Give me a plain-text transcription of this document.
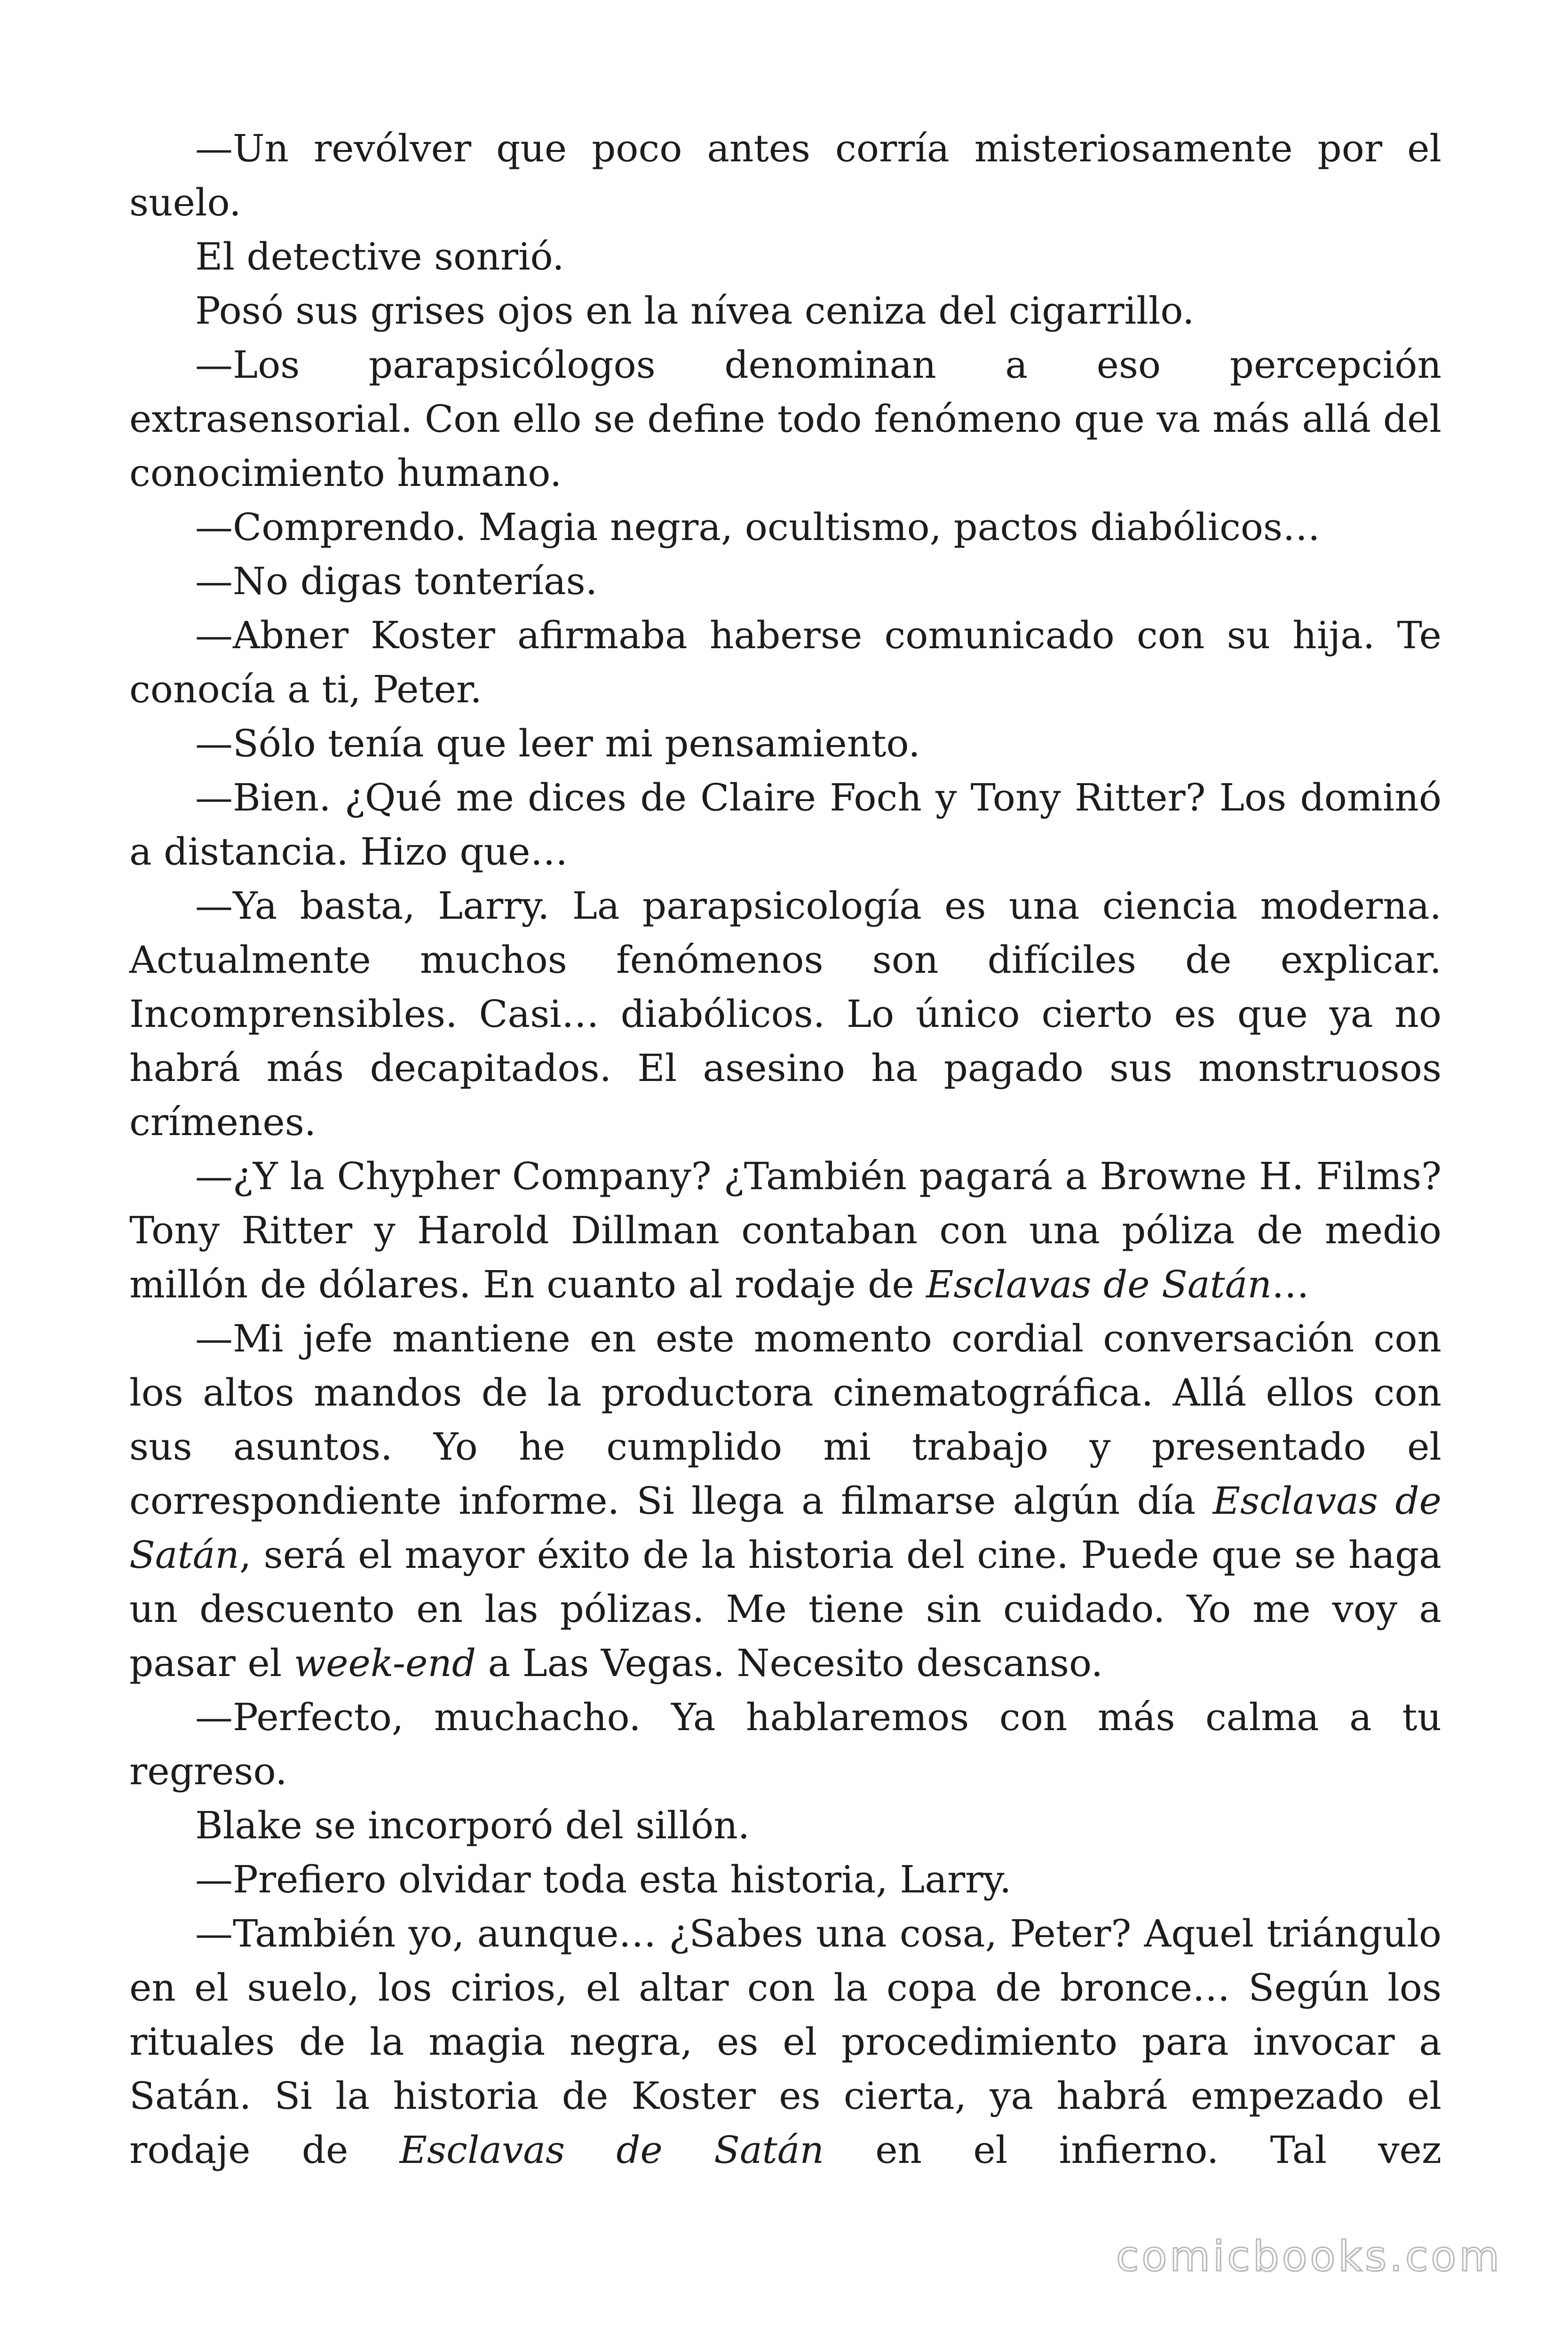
—Un revólver que poco antes corría misteriosamente por el suelo.

El detective sonrió.

Posó sus grises ojos en la nívea ceniza del cigarrillo.

—Los parapsicólogos denominan a eso percepción extrasensorial. Con ello se define todo fenómeno que va más allá del conocimiento humano.

—Comprendo. Magia negra, ocultismo, pactos diabólicos…

—No digas tonterías.

—Abner Koster afirmaba haberse comunicado con su hija. Te conocía a ti, Peter.

—Sólo tenía que leer mi pensamiento.

—Bien. ¿Qué me dices de Claire Foch y Tony Ritter? Los dominó a distancia. Hizo que…

—Ya basta, Larry. La parapsicología es una ciencia moderna. Actualmente muchos fenómenos son difíciles de explicar. Incomprensibles. Casi… diabólicos. Lo único cierto es que ya no habrá más decapitados. El asesino ha pagado sus monstruosos crímenes.

—¿Y la Chypher Company? ¿También pagará a Browne H. Films? Tony Ritter y Harold Dillman contaban con una póliza de medio millón de dólares. En cuanto al rodaje de Esclavas de Satán…

—Mi jefe mantiene en este momento cordial conversación con los altos mandos de la productora cinematográfica. Allá ellos con sus asuntos. Yo he cumplido mi trabajo y presentado el correspondiente informe. Si llega a filmarse algún día Esclavas de Satán, será el mayor éxito de la historia del cine. Puede que se haga un descuento en las pólizas. Me tiene sin cuidado. Yo me voy a pasar el week-end a Las Vegas. Necesito descanso.

—Perfecto, muchacho. Ya hablaremos con más calma a tu regreso.

Blake se incorporó del sillón.

—Prefiero olvidar toda esta historia, Larry.

—También yo, aunque… ¿Sabes una cosa, Peter? Aquel triángulo en el suelo, los cirios, el altar con la copa de bronce… Según los rituales de la magia negra, es el procedimiento para invocar a Satán. Si la historia de Koster es cierta, ya habrá empezado el rodaje de Esclavas de Satán en el infierno. Tal vez

comicbooks.com
